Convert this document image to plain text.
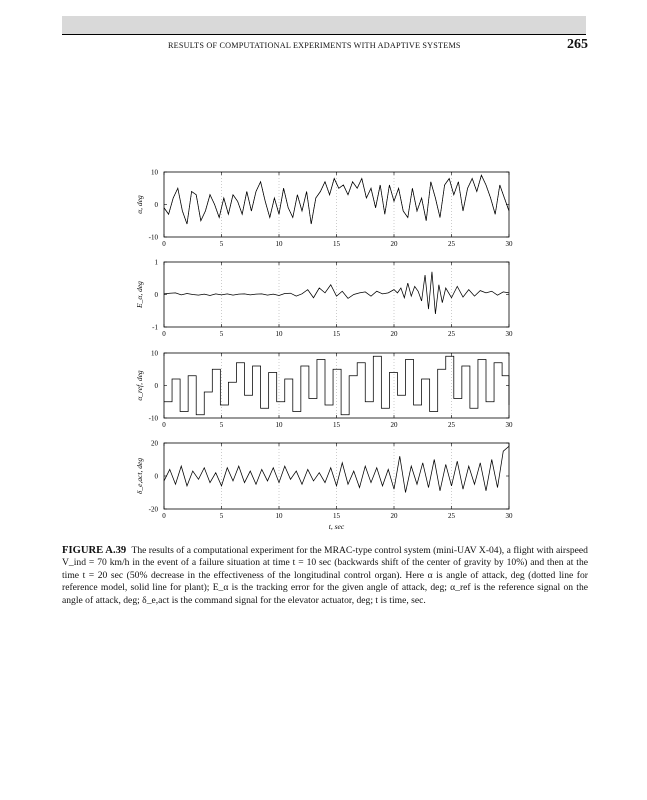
RESULTS OF COMPUTATIONAL EXPERIMENTS WITH ADAPTIVE SYSTEMS	265
0	5	10	15	20	25	30
-10
0
10
α, deg
0	5	10	15	20	25	30
-1
0
1
E_α, deg
0	5	10	15	20	25	30
-10
0
10
α_ref, deg
0	5	10	15	20	25	30
-20
0
20
δ_e,act, deg
t, sec
FIGURE A.39 The results of a computational experiment for the MRAC-type control system (mini-UAV X-04), a flight with airspeed V_ind = 70 km/h in the event of a failure situation at time t = 10 sec (backwards shift of the center of gravity by 10%) and then at the time t = 20 sec (50% decrease in the effectiveness of the longitudinal control organ). Here α is angle of attack, deg (dotted line for reference model, solid line for plant); E_α is the tracking error for the given angle of attack, deg; α_ref is the reference signal on the angle of attack, deg; δ_e,act is the command signal for the elevator actuator, deg; t is time, sec.
